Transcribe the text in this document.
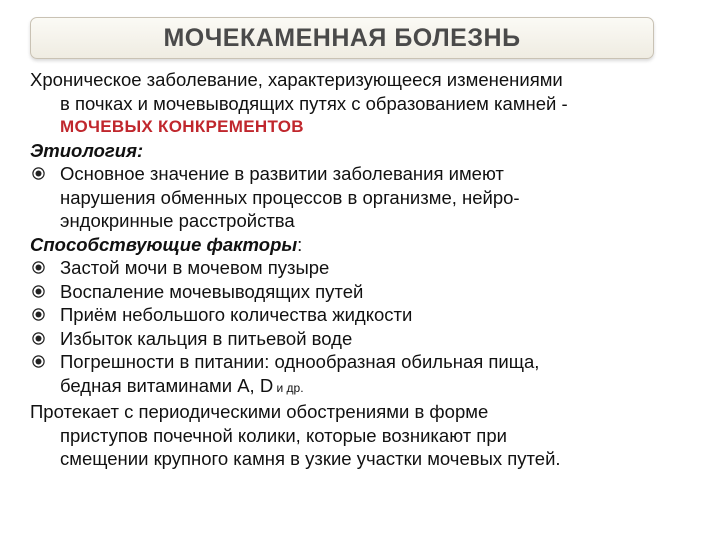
МОЧЕКАМЕННАЯ БОЛЕЗНЬ

Хроническое заболевание, характеризующееся изменениями
в почках и мочевыводящих путях с образованием камней -
МОЧЕВЫХ КОНКРЕМЕНТОВ

Этиология:

Основное значение в развитии заболевания имеют
нарушения обменных процессов в организме, нейро-
эндокринные расстройства

Способствующие факторы:

Застой мочи в мочевом пузыре

Воспаление мочевыводящих путей

Приём небольшого количества жидкости

Избыток кальция в питьевой воде

Погрешности в питании: однообразная обильная пища,
бедная витаминами А, D и др.

Протекает с периодическими обострениями в форме
приступов почечной колики, которые возникают при
смещении крупного камня в узкие участки мочевых путей.
